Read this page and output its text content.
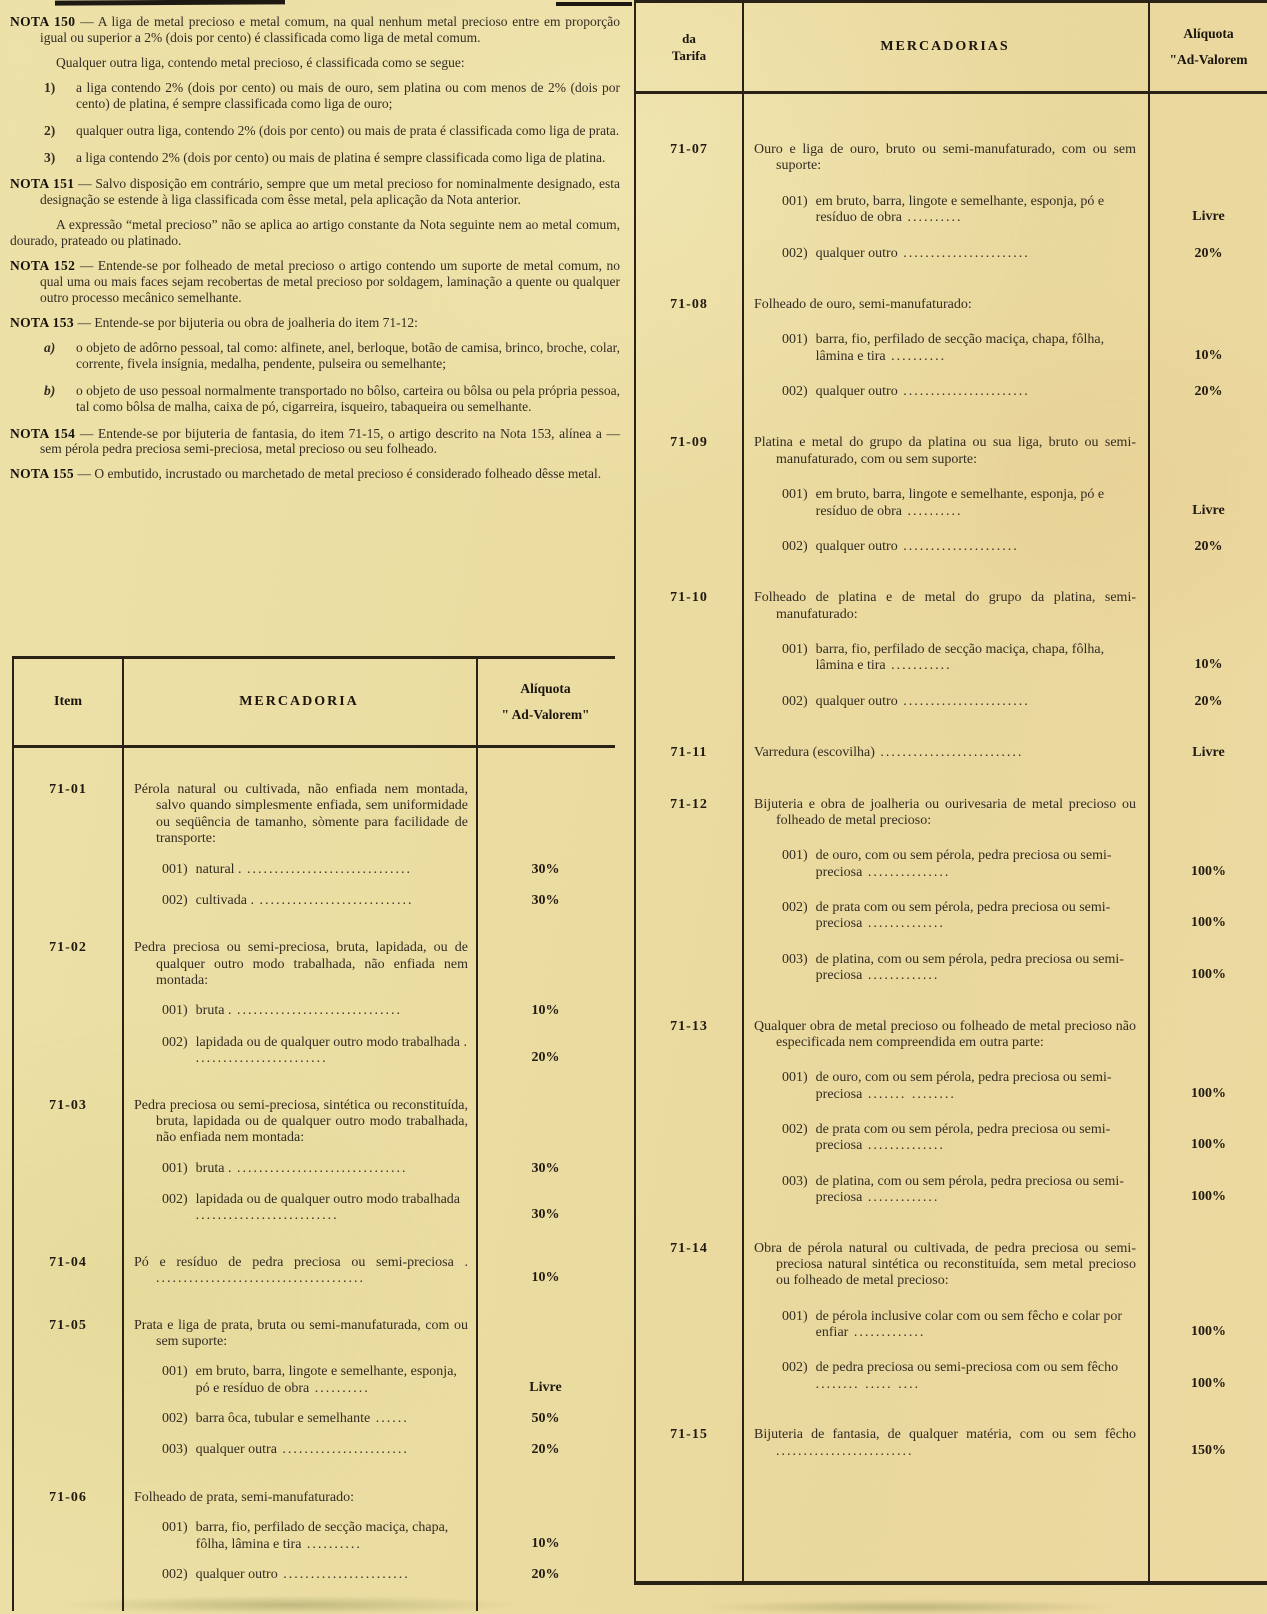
NOTA 150 — A liga de metal precioso e metal comum, na qual nenhum metal precioso entre em proporção igual ou superior a 2% (dois por cento) é classificada como liga de metal comum.

Qualquer outra liga, contendo metal precioso, é classificada como se segue:

1)	a liga contendo 2% (dois por cento) ou mais de ouro, sem platina ou com menos de 2% (dois por cento) de platina, é sempre classificada como liga de ouro;
2)	qualquer outra liga, contendo 2% (dois por cento) ou mais de prata é classificada como liga de prata.
3)	a liga contendo 2% (dois por cento) ou mais de platina é sempre classificada como liga de platina.

NOTA 151 — Salvo disposição em contrário, sempre que um metal precioso for nominalmente designado, esta designação se estende à liga classificada com êsse metal, pela aplicação da Nota anterior.

A expressão “metal precioso” não se aplica ao artigo constante da Nota seguinte nem ao metal comum, dourado, prateado ou platinado.

NOTA 152 — Entende-se por folheado de metal precioso o artigo contendo um suporte de metal comum, no qual uma ou mais faces sejam recobertas de metal precioso por soldagem, laminação a quente ou qualquer outro processo mecânico semelhante.

NOTA 153 — Entende-se por bijuteria ou obra de joalheria do item 71-12:

a)	o objeto de adôrno pessoal, tal como: alfinete, anel, berloque, botão de camisa, brinco, broche, colar, corrente, fivela insígnia, medalha, pendente, pulseira ou semelhante;
b)	o objeto de uso pessoal normalmente transportado no bôlso, carteira ou bôlsa ou pela própria pessoa, tal como bôlsa de malha, caixa de pó, cigarreira, isqueiro, tabaqueira ou semelhante.

NOTA 154 — Entende-se por bijuteria de fantasia, do item 71-15, o artigo descrito na Nota 153, alínea a — sem pérola pedra preciosa semi-preciosa, metal precioso ou seu folheado.

NOTA 155 — O embutido, incrustado ou marchetado de metal precioso é considerado folheado dêsse metal.

Item	MERCADORIA
Alíquota
" Ad-Valorem"
71-01	Pérola natural ou cultivada, não enfiada nem montada, salvo quando simplesmente enfiada, sem uniformidade ou seqüência de tamanho, sòmente para facilidade de transporte:
001) natural . ..............................	30%
002) cultivada . ............................	30%
71-02	Pedra preciosa ou semi-preciosa, bruta, lapidada, ou de qualquer outro modo trabalhada, não enfiada nem montada:
001) bruta . ..............................	10%
002) lapidada ou de qualquer outro modo trabalhada . ........................	20%
71-03	Pedra preciosa ou semi-preciosa, sintética ou reconstituída, bruta, lapidada ou de qualquer outro modo trabalhada, não enfiada nem montada:
001) bruta . ...............................	30%
002) lapidada ou de qualquer outro modo trabalhada ..........................	30%
71-04	Pó e resíduo de pedra preciosa ou semi-preciosa . ......................................	10%
71-05	Prata e liga de prata, bruta ou semi-manufaturada, com ou sem suporte:
001) em bruto, barra, lingote e semelhante, esponja, pó e resíduo de obra ..........	Livre
002) barra ôca, tubular e semelhante ......	50%
003) qualquer outra .......................	20%
71-06	Folheado de prata, semi-manufaturado:
001) barra, fio, perfilado de secção maciça, chapa, fôlha, lâmina e tira ..........	10%
002) qualquer outro .......................	20%
da
Tarifa
MERCADORIAS
Alíquota
"Ad-Valorem
71-07	Ouro e liga de ouro, bruto ou semi-manufaturado, com ou sem suporte:
001) em bruto, barra, lingote e semelhante, esponja, pó e resíduo de obra ..........	Livre
002) qualquer outro .......................	20%
71-08	Folheado de ouro, semi-manufaturado:
001) barra, fio, perfilado de secção maciça, chapa, fôlha, lâmina e tira ..........	10%
002) qualquer outro .......................	20%
71-09	Platina e metal do grupo da platina ou sua liga, bruto ou semi-manufaturado, com ou sem suporte:
001) em bruto, barra, lingote e semelhante, esponja, pó e resíduo de obra ..........	Livre
002) qualquer outro .....................	20%
71-10	Folheado de platina e de metal do grupo da platina, semi-manufaturado:
001) barra, fio, perfilado de secção maciça, chapa, fôlha, lâmina e tira ...........	10%
002) qualquer outro .......................	20%
71-11	Varredura (escovilha) ..........................	Livre
71-12	Bijuteria e obra de joalheria ou ourivesaria de metal precioso ou folheado de metal precioso:
001) de ouro, com ou sem pérola, pedra preciosa ou semi-preciosa ...............	100%
002) de prata com ou sem pérola, pedra preciosa ou semi-preciosa ..............	100%
003) de platina, com ou sem pérola, pedra preciosa ou semi-preciosa .............	100%
71-13	Qualquer obra de metal precioso ou folheado de metal precioso não especificada nem compreendida em outra parte:
001) de ouro, com ou sem pérola, pedra preciosa ou semi-preciosa ....... ........	100%
002) de prata com ou sem pérola, pedra preciosa ou semi-preciosa ..............	100%
003) de platina, com ou sem pérola, pedra preciosa ou semi-preciosa .............	100%
71-14	Obra de pérola natural ou cultivada, de pedra preciosa ou semi-preciosa natural sintética ou reconstituída, sem metal precioso ou folheado de metal precioso:
001) de pérola inclusive colar com ou sem fêcho e colar por enfiar .............	100%
002) de pedra preciosa ou semi-preciosa com ou sem fêcho ........ ..... ....	100%
71-15	Bijuteria de fantasia, de qualquer matéria, com ou sem fêcho .........................	150%
